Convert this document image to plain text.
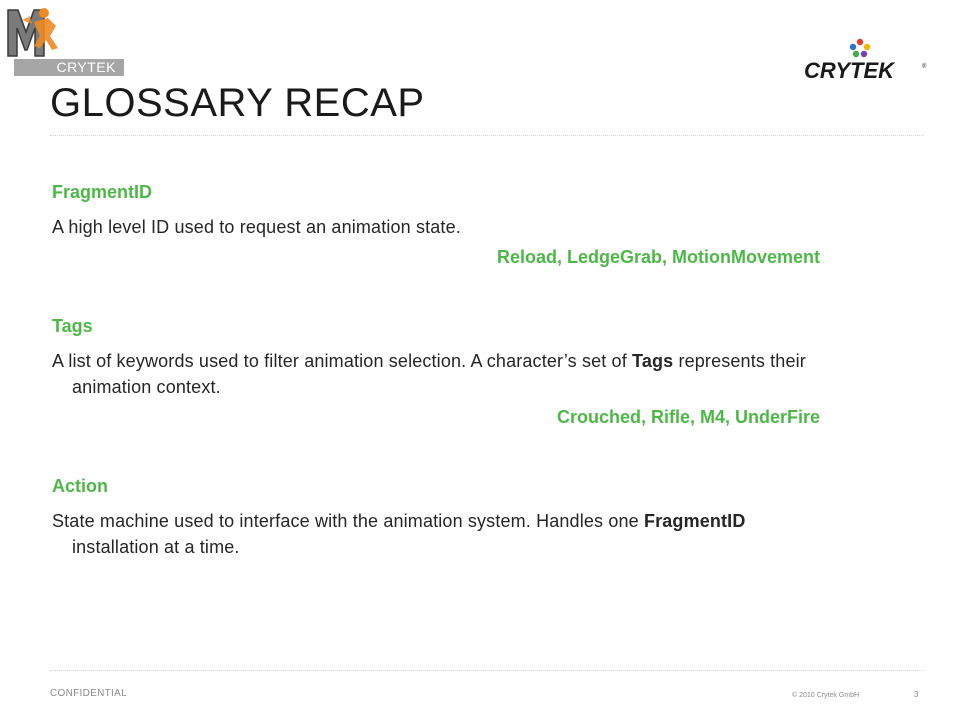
CRYTEK	CRYTEK	®
GLOSSARY RECAP
FragmentID
A high level ID used to request an animation state.
Reload, LedgeGrab, MotionMovement
Tags
A list of keywords used to filter animation selection. A character’s set of Tags represents their animation context.
Crouched, Rifle, M4, UnderFire
Action
State machine used to interface with the animation system. Handles one FragmentID installation at a time.
CONFIDENTIAL	© 2010 Crytek GmbH	3
